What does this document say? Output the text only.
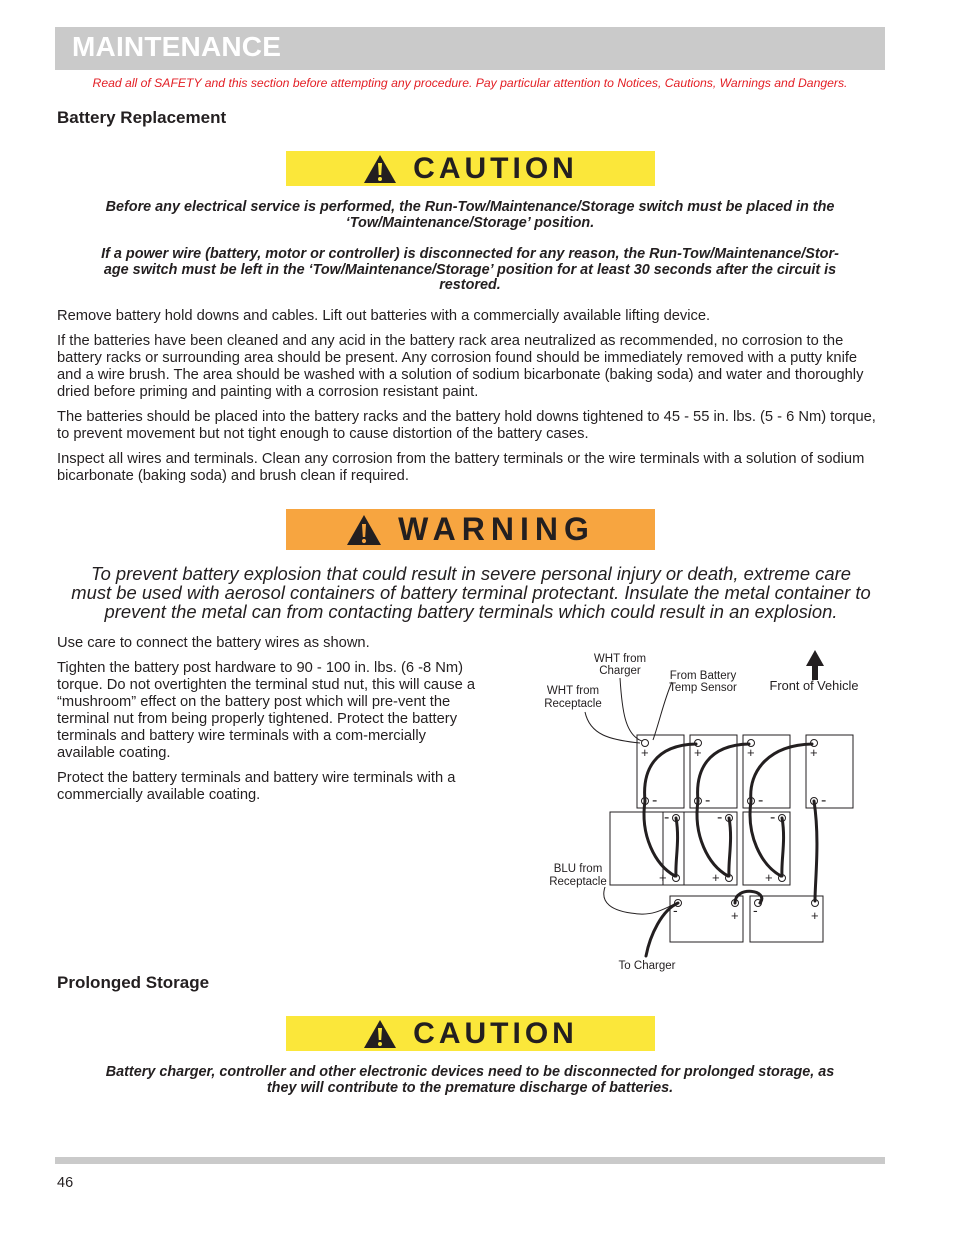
MAINTENANCE

Read all of SAFETY and this section before attempting any procedure. Pay particular attention to Notices, Cautions, Warnings and Dangers.

Battery Replacement
CAUTION

Before any electrical service is performed, the Run-Tow/Maintenance/Storage switch must be placed in the

‘Tow/Maintenance/Storage’ position.

If a power wire (battery, motor or controller) is disconnected for any reason, the Run-Tow/Maintenance/Stor-

age switch must be left in the ‘Tow/Maintenance/Storage’ position for at least 30 seconds after the circuit is

restored.

Remove battery hold downs and cables. Lift out batteries with a commercially available lifting device.

If the batteries have been cleaned and any acid in the battery rack area neutralized as recommended, no corrosion to the battery racks or surrounding area should be present. Any corrosion found should be immediately removed with a putty knife and a wire brush. The area should be washed with a solution of sodium bicarbonate (baking soda) and water and thoroughly dried before priming and painting with a corrosion resistant paint.

The batteries should be placed into the battery racks and the battery hold downs tightened to 45 - 55 in. lbs. (5 - 6 Nm) torque, to prevent movement but not tight enough to cause distortion of the battery cases.

Inspect all wires and terminals. Clean any corrosion from the battery terminals or the wire terminals with a solution of sodium bicarbonate (baking soda) and brush clean if required.

WARNING

To prevent battery explosion that could result in severe personal injury or death, extreme care

must be used with aerosol containers of battery terminal protectant. Insulate the metal container to

prevent the metal can from contacting battery terminals which could result in an explosion.

Use care to connect the battery wires as shown.

Tighten the battery post hardware to 90 - 100 in. lbs. (6 -8 Nm) torque. Do not overtighten the terminal stud nut, this will cause a “mushroom” effect on the battery post which will pre-vent the terminal nut from being properly tightened. Protect the battery terminals and battery wire terminals with a com-mercially available coating.

Protect the battery terminals and battery wire terminals with a commercially available coating.

WHT from
Charger	From Battery
Temp Sensor	Front of Vehicle
WHT from
Receptacle
BLU from
Receptacle
To Charger
+	+	+	+
-	-	-	-
-	-	-
+	+	+
+	+
-	-
Prolonged Storage
CAUTION

Battery charger, controller and other electronic devices need to be disconnected for prolonged storage, as

they will contribute to the premature discharge of batteries.

46
